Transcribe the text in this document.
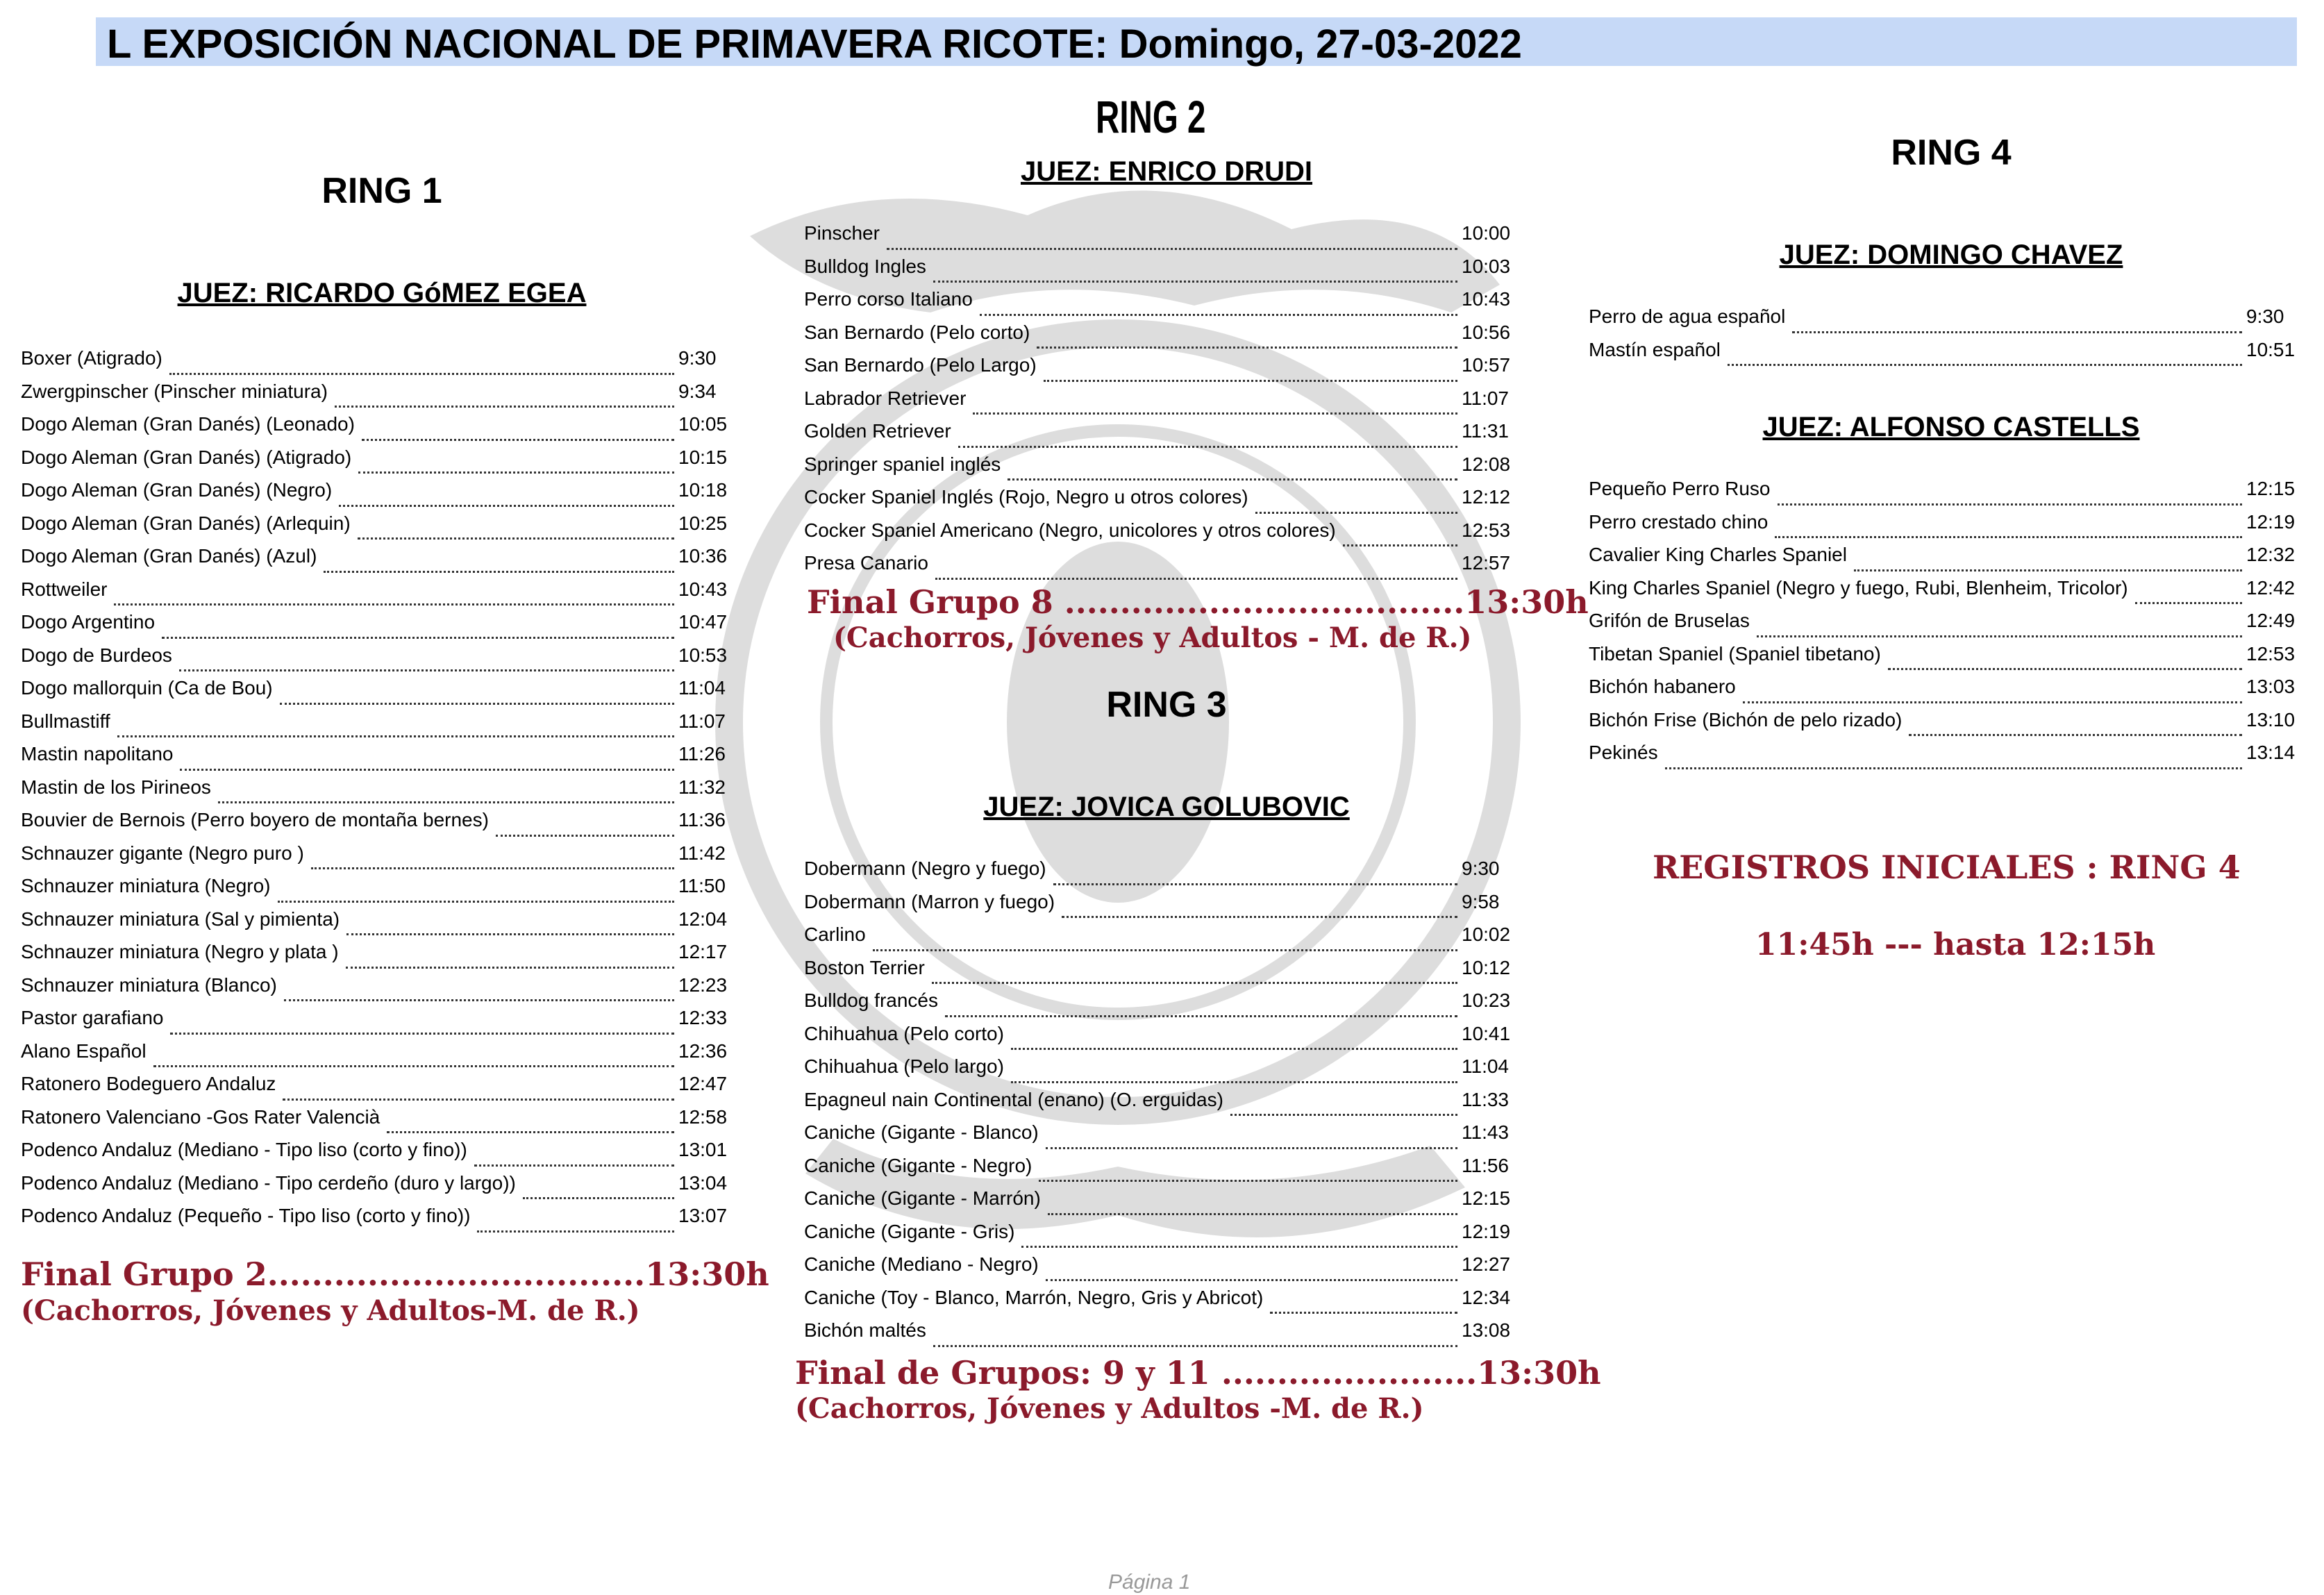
L EXPOSICIÓN NACIONAL DE PRIMAVERA RICOTE: Domingo, 27-03-2022
RING 1
JUEZ: RICARDO GóMEZ EGEA
Boxer (Atigrado)	9:30
Zwergpinscher (Pinscher miniatura)	9:34
Dogo Aleman (Gran Danés) (Leonado)	10:05
Dogo Aleman (Gran Danés) (Atigrado)	10:15
Dogo Aleman (Gran Danés) (Negro)	10:18
Dogo Aleman (Gran Danés) (Arlequin)	10:25
Dogo Aleman (Gran Danés) (Azul)	10:36
Rottweiler	10:43
Dogo Argentino	10:47
Dogo de Burdeos	10:53
Dogo mallorquin (Ca de Bou)	11:04
Bullmastiff	11:07
Mastin napolitano	11:26
Mastin de los Pirineos	11:32
Bouvier de Bernois (Perro boyero de montaña bernes)	11:36
Schnauzer gigante (Negro puro )	11:42
Schnauzer miniatura (Negro)	11:50
Schnauzer miniatura (Sal y pimienta)	12:04
Schnauzer miniatura (Negro y plata )	12:17
Schnauzer miniatura (Blanco)	12:23
Pastor garafiano	12:33
Alano Español	12:36
Ratonero Bodeguero Andaluz	12:47
Ratonero Valenciano -Gos Rater Valencià	12:58
Podenco Andaluz (Mediano - Tipo liso (corto y fino))	13:01
Podenco Andaluz (Mediano - Tipo cerdeño (duro y largo))	13:04
Podenco Andaluz (Pequeño - Tipo liso (corto y fino))	13:07
Final Grupo 2..................................13:30h
(Cachorros, Jóvenes y Adultos-M. de R.)
RING 2
JUEZ: ENRICO DRUDI
Pinscher	10:00
Bulldog Ingles	10:03
Perro corso Italiano	10:43
San Bernardo (Pelo corto)	10:56
San Bernardo (Pelo Largo)	10:57
Labrador Retriever	11:07
Golden Retriever	11:31
Springer spaniel inglés	12:08
Cocker Spaniel Inglés (Rojo, Negro u otros colores)	12:12
Cocker Spaniel Americano (Negro, unicolores y otros colores)	12:53
Presa Canario	12:57
Final Grupo 8 ....................................13:30h
(Cachorros, Jóvenes y Adultos - M. de R.)
RING 3
JUEZ: JOVICA GOLUBOVIC
Dobermann (Negro y fuego)	9:30
Dobermann (Marron y fuego)	9:58
Carlino	10:02
Boston Terrier	10:12
Bulldog francés	10:23
Chihuahua (Pelo corto)	10:41
Chihuahua (Pelo largo)	11:04
Epagneul nain Continental (enano) (O. erguidas)	11:33
Caniche (Gigante - Blanco)	11:43
Caniche (Gigante - Negro)	11:56
Caniche (Gigante - Marrón)	12:15
Caniche (Gigante - Gris)	12:19
Caniche (Mediano - Negro)	12:27
Caniche (Toy - Blanco, Marrón, Negro, Gris y Abricot)	12:34
Bichón maltés	13:08
Final de Grupos: 9 y 11 .......................13:30h
(Cachorros, Jóvenes y Adultos -M. de R.)
RING 4
JUEZ: DOMINGO CHAVEZ
Perro de agua español	9:30
Mastín español	10:51
JUEZ: ALFONSO CASTELLS
Pequeño Perro Ruso	12:15
Perro crestado chino	12:19
Cavalier King Charles Spaniel	12:32
King Charles Spaniel (Negro y fuego, Rubi, Blenheim, Tricolor)	12:42
Grifón de Bruselas	12:49
Tibetan Spaniel (Spaniel tibetano)	12:53
Bichón habanero	13:03
Bichón Frise (Bichón de pelo rizado)	13:10
Pekinés	13:14
REGISTROS INICIALES : RING 4
11:45h --- hasta 12:15h
Página 1
